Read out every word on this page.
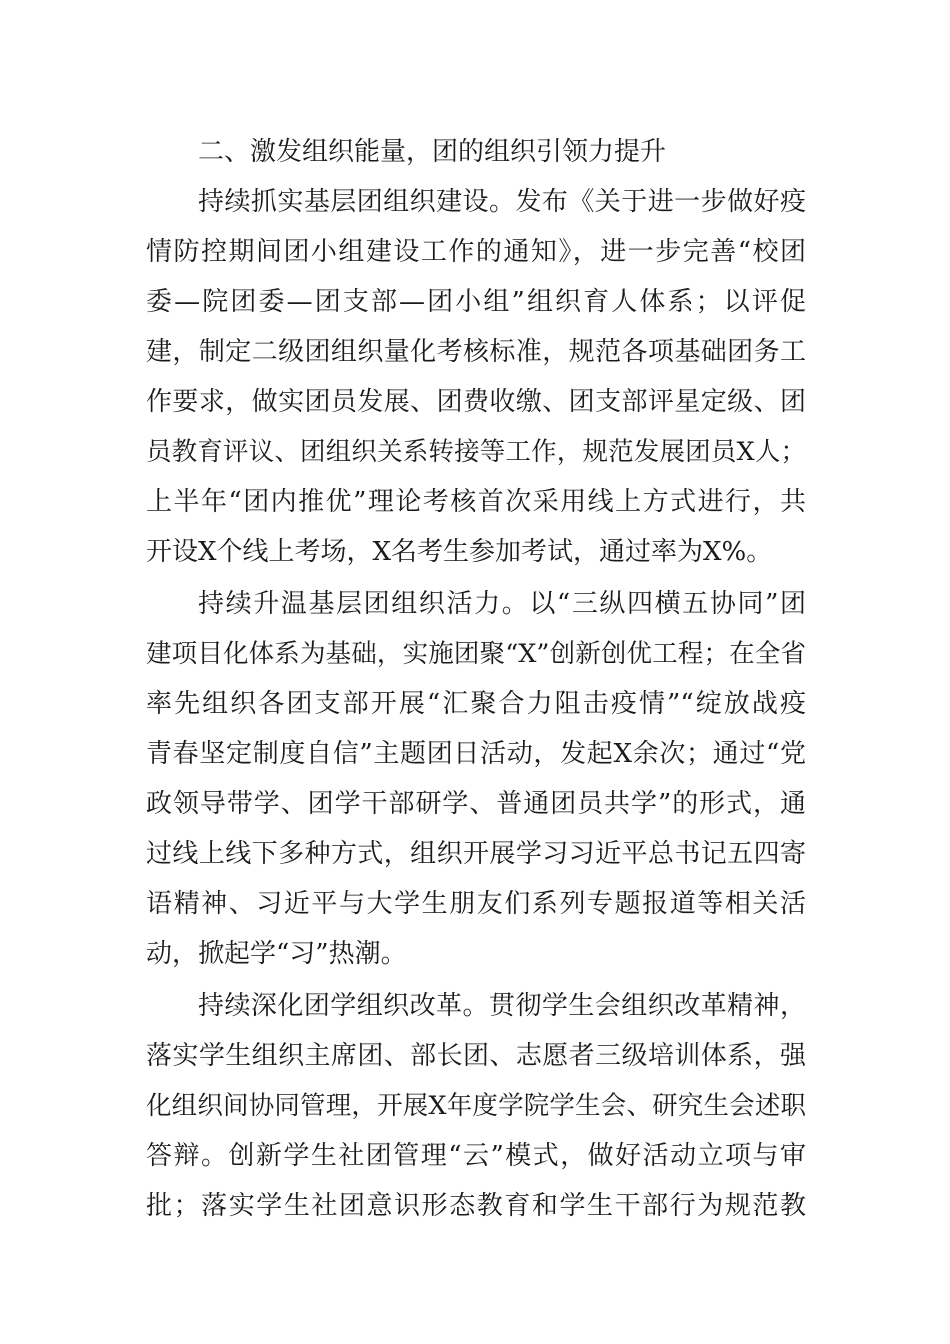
二、激发组织能量，团的组织引领力提升
持续抓实基层团组织建设。发布《关于进一步做好疫
情防控期间团小组建设工作的通知》，进一步完善“校团
委—院团委—团支部—团小组”组织育人体系；以评促
建，制定二级团组织量化考核标准，规范各项基础团务工
作要求，做实团员发展、团费收缴、团支部评星定级、团
员教育评议、团组织关系转接等工作，规范发展团员X人；
上半年“团内推优”理论考核首次采用线上方式进行，共
开设X个线上考场，X名考生参加考试，通过率为X%。
持续升温基层团组织活力。以“三纵四横五协同”团
建项目化体系为基础，实施团聚“X”创新创优工程；在全省
率先组织各团支部开展“汇聚合力阻击疫情”“绽放战疫
青春坚定制度自信”主题团日活动，发起X余次；通过“党
政领导带学、团学干部研学、普通团员共学”的形式，通
过线上线下多种方式，组织开展学习习近平总书记五四寄
语精神、习近平与大学生朋友们系列专题报道等相关活
动，掀起学“习”热潮。
持续深化团学组织改革。贯彻学生会组织改革精神，
落实学生组织主席团、部长团、志愿者三级培训体系，强
化组织间协同管理，开展X年度学院学生会、研究生会述职
答辩。创新学生社团管理“云”模式，做好活动立项与审
批；落实学生社团意识形态教育和学生干部行为规范教
